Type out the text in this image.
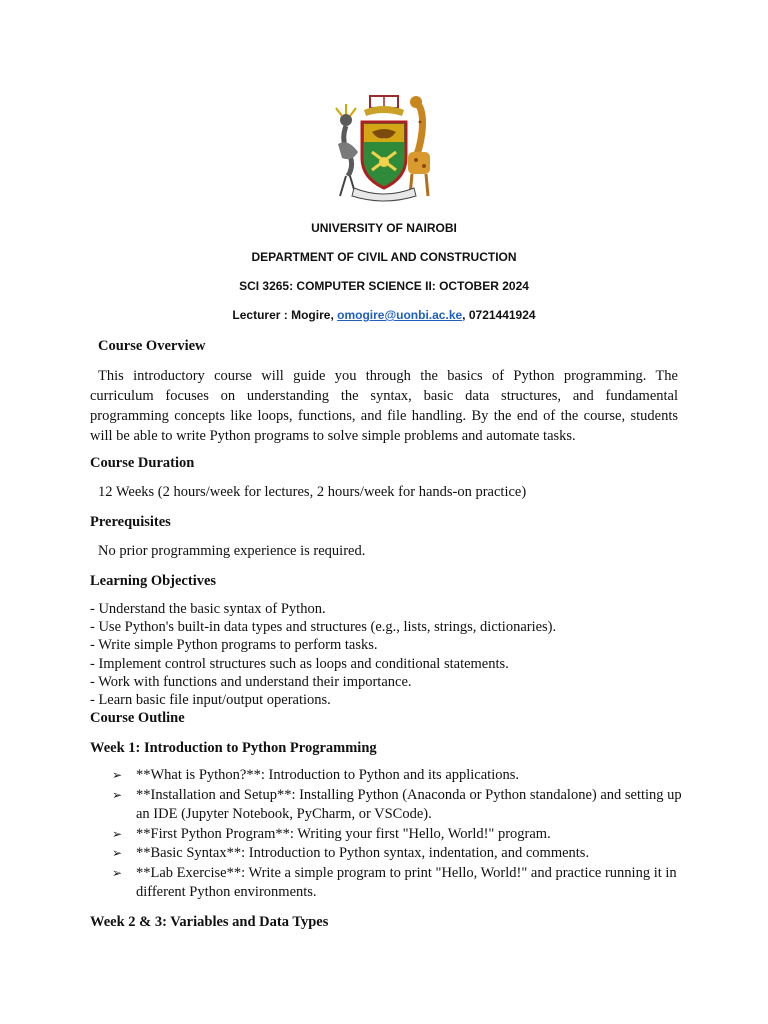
UNIVERSITY OF NAIROBI
DEPARTMENT OF CIVIL AND CONSTRUCTION
SCI 3265: COMPUTER SCIENCE II: OCTOBER 2024
Lecturer : Mogire, omogire@uonbi.ac.ke, 0721441924
Course Overview
This introductory course will guide you through the basics of Python programming. The
curriculum focuses on understanding the syntax, basic data structures, and fundamental
programming concepts like loops, functions, and file handling. By the end of the course, students
will be able to write Python programs to solve simple problems and automate tasks.
Course Duration
12 Weeks (2 hours/week for lectures, 2 hours/week for hands-on practice)
Prerequisites
No prior programming experience is required.
Learning Objectives
- Understand the basic syntax of Python.
- Use Python's built-in data types and structures (e.g., lists, strings, dictionaries).
- Write simple Python programs to perform tasks.
- Implement control structures such as loops and conditional statements.
- Work with functions and understand their importance.
- Learn basic file input/output operations.
Course Outline
Week 1: Introduction to Python Programming
➢ **What is Python?**: Introduction to Python and its applications.
➢ **Installation and Setup**: Installing Python (Anaconda or Python standalone) and setting up an IDE (Jupyter Notebook, PyCharm, or VSCode).
➢ **First Python Program**: Writing your first "Hello, World!" program.
➢ **Basic Syntax**: Introduction to Python syntax, indentation, and comments.
➢ **Lab Exercise**: Write a simple program to print "Hello, World!" and practice running it in different Python environments.
Week 2 & 3: Variables and Data Types
